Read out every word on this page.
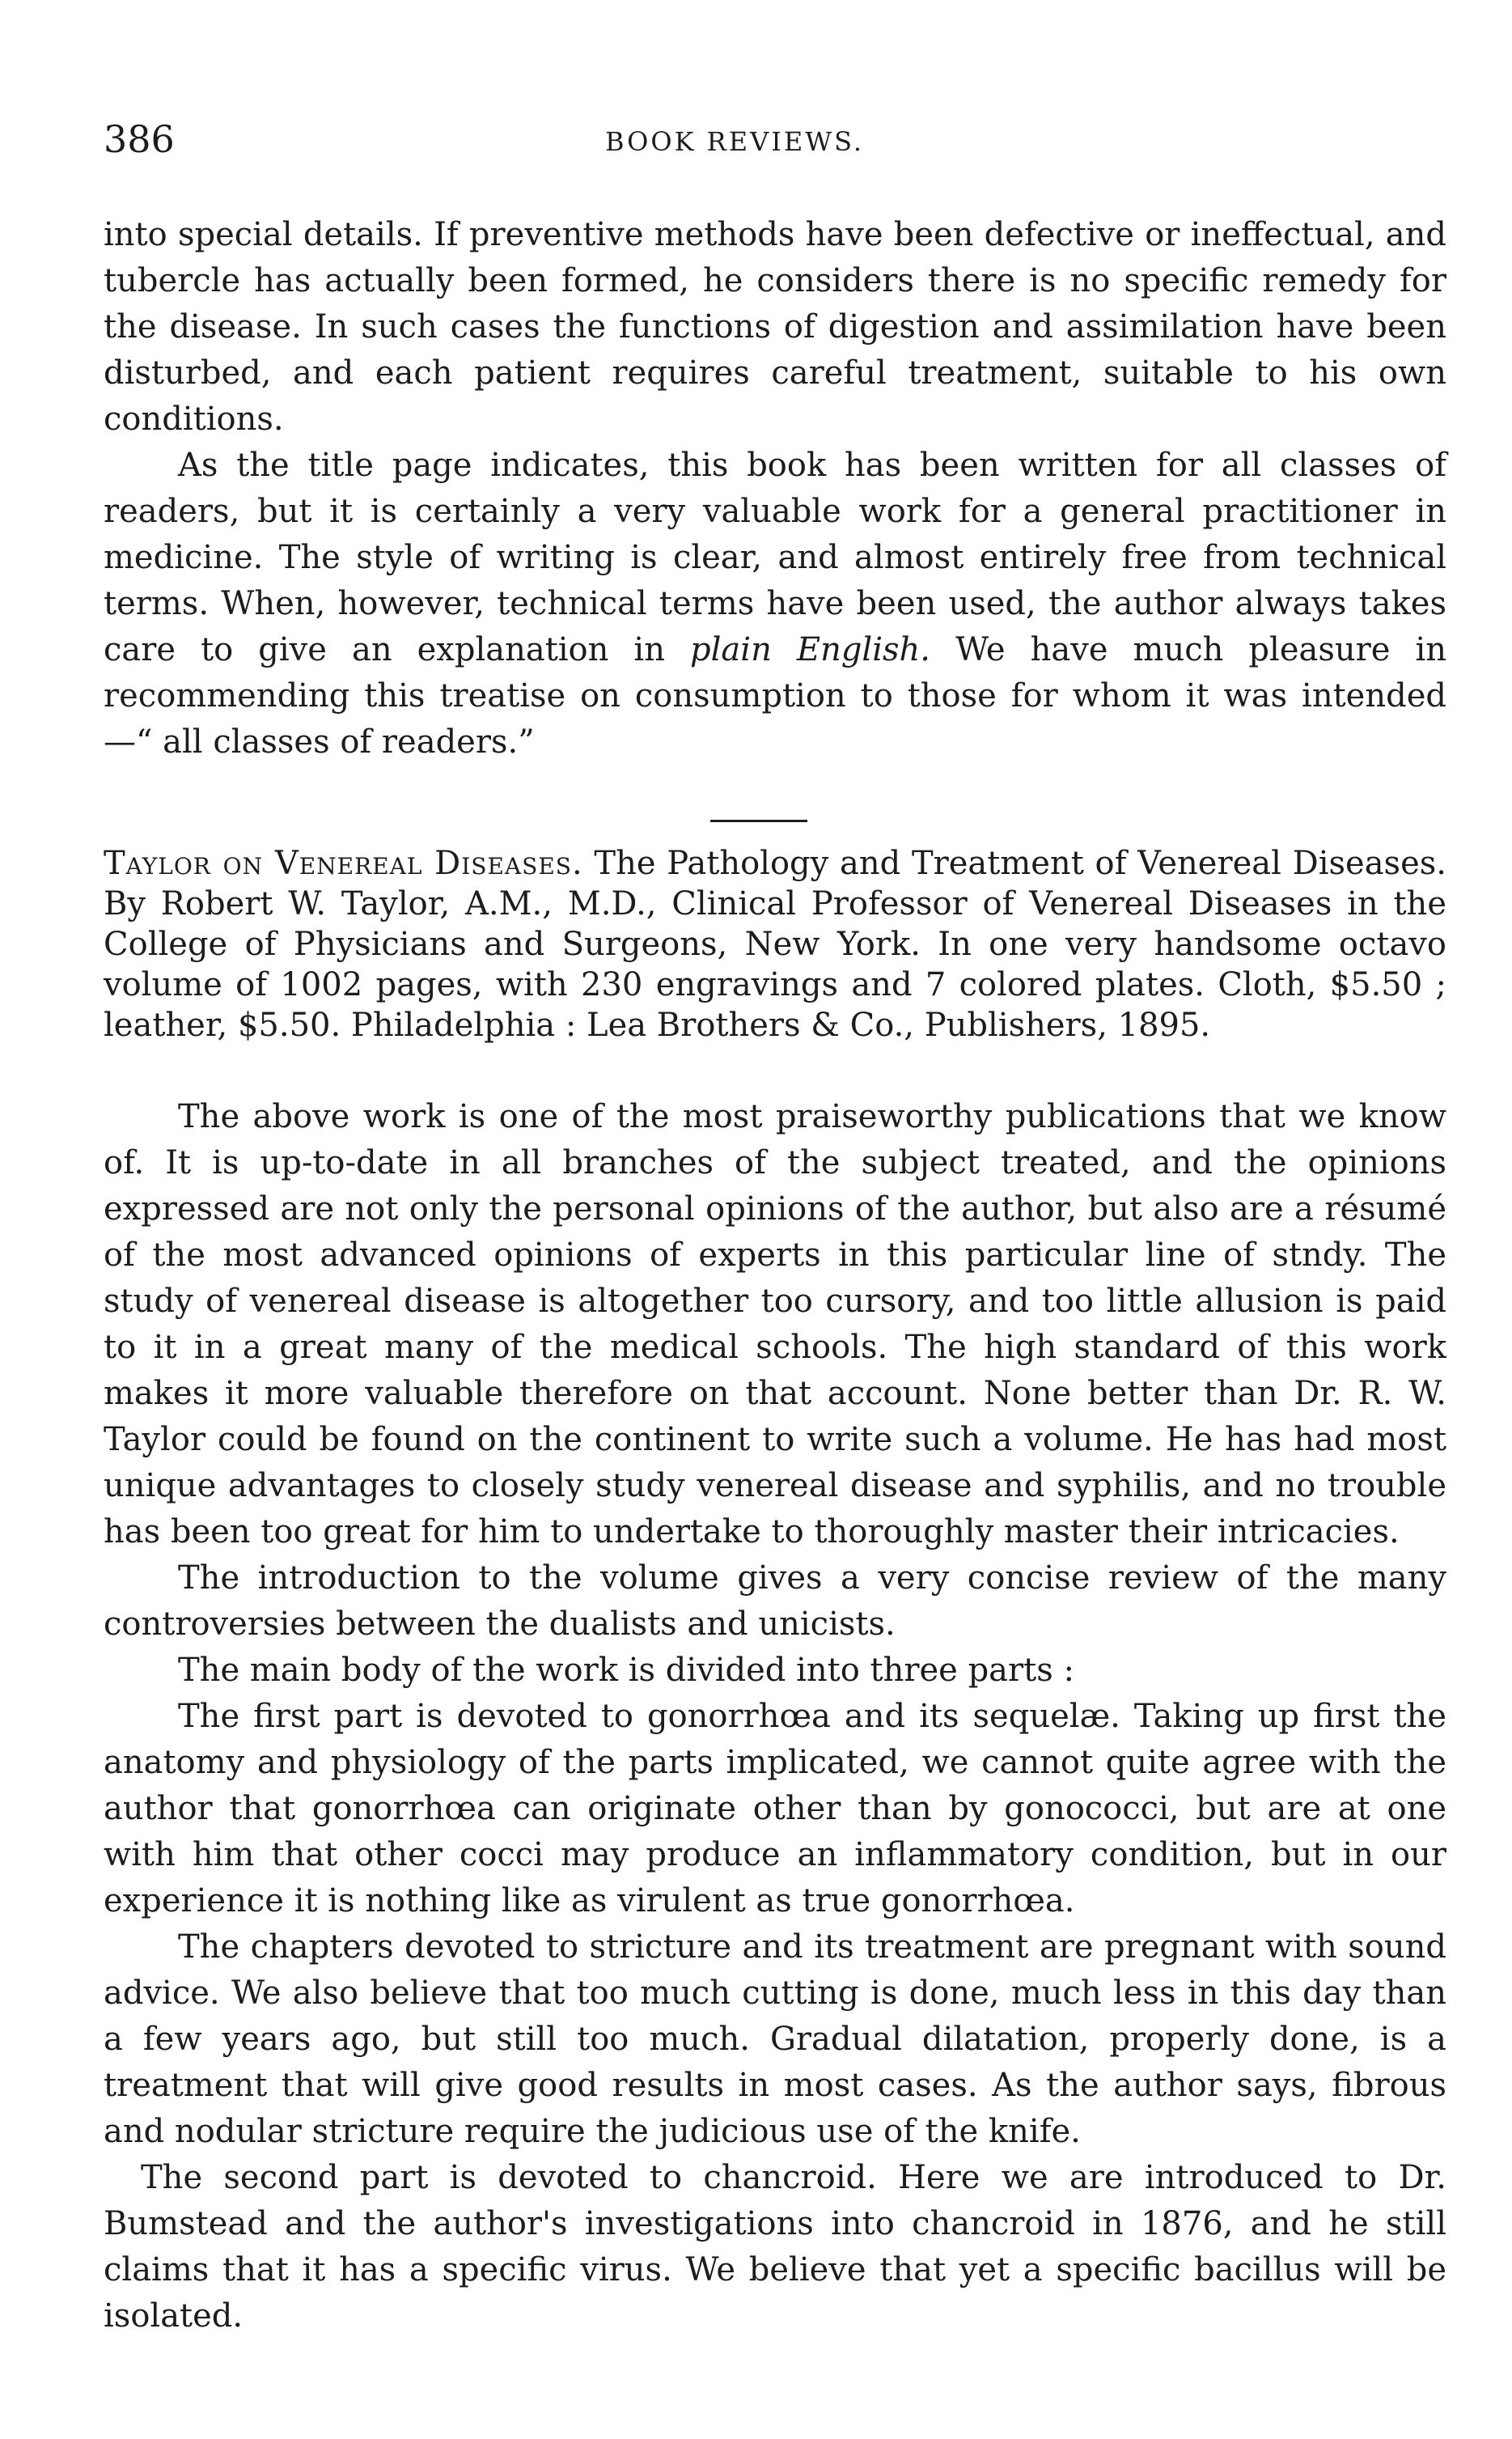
386	BOOK REVIEWS.

into special details. If preventive methods have been defective or ineffectual, and tubercle has actually been formed, he considers there is no specific remedy for the disease. In such cases the functions of digestion and assimilation have been disturbed, and each patient requires careful treatment, suitable to his own conditions.

As the title page indicates, this book has been written for all classes of readers, but it is certainly a very valuable work for a general practitioner in medicine. The style of writing is clear, and almost entirely free from technical terms. When, however, technical terms have been used, the author always takes care to give an explanation in plain English. We have much pleasure in recommending this treatise on consumption to those for whom it was intended—“ all classes of readers.”

Taylor on Venereal Diseases. The Pathology and Treatment of Venereal Diseases. By Robert W. Taylor, A.M., M.D., Clinical Professor of Venereal Diseases in the College of Physicians and Surgeons, New York. In one very handsome octavo volume of 1002 pages, with 230 engravings and 7 colored plates. Cloth, $5.50 ; leather, $5.50. Philadelphia : Lea Brothers & Co., Publishers, 1895.

The above work is one of the most praiseworthy publications that we know of. It is up-to-date in all branches of the subject treated, and the opinions expressed are not only the personal opinions of the author, but also are a résumé of the most advanced opinions of experts in this particular line of stndy. The study of venereal disease is altogether too cursory, and too little allusion is paid to it in a great many of the medical schools. The high standard of this work makes it more valuable therefore on that account. None better than Dr. R. W. Taylor could be found on the continent to write such a volume. He has had most unique advantages to closely study venereal disease and syphilis, and no trouble has been too great for him to undertake to thoroughly master their intricacies.

The introduction to the volume gives a very concise review of the many controversies between the dualists and unicists.

The main body of the work is divided into three parts :

The first part is devoted to gonorrhœa and its sequelæ. Taking up first the anatomy and physiology of the parts implicated, we cannot quite agree with the author that gonorrhœa can originate other than by gonococci, but are at one with him that other cocci may produce an inflammatory condition, but in our experience it is nothing like as virulent as true gonorrhœa.

The chapters devoted to stricture and its treatment are pregnant with sound advice. We also believe that too much cutting is done, much less in this day than a few years ago, but still too much. Gradual dilatation, properly done, is a treatment that will give good results in most cases. As the author says, fibrous and nodular stricture require the judicious use of the knife.

The second part is devoted to chancroid. Here we are introduced to Dr. Bumstead and the author's investigations into chancroid in 1876, and he still claims that it has a specific virus. We believe that yet a specific bacillus will be isolated.
